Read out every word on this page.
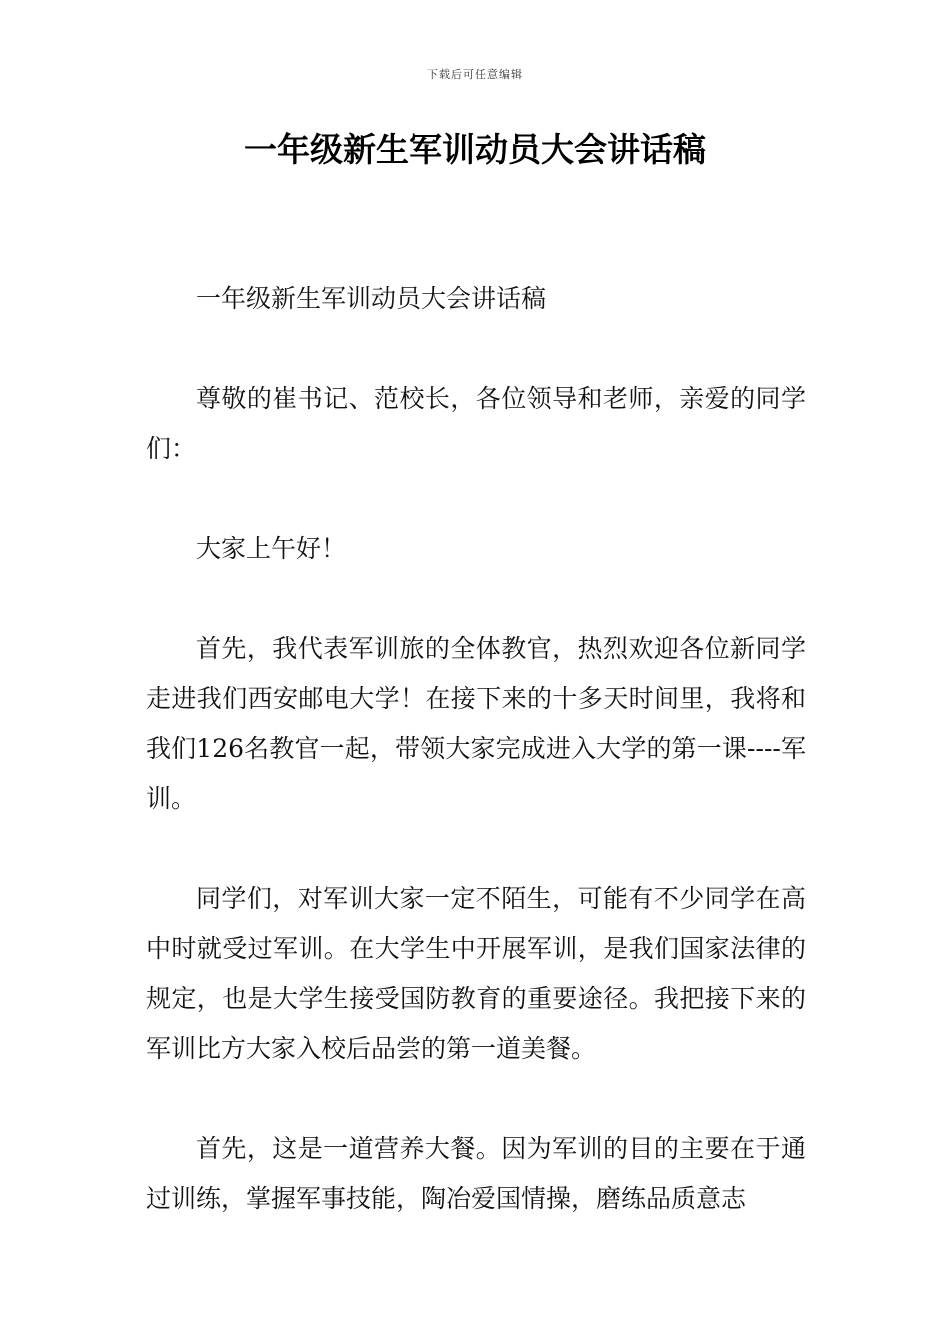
下载后可任意编辑
一年级新生军训动员大会讲话稿

一年级新生军训动员大会讲话稿

尊敬的崔书记、范校长，各位领导和老师，亲爱的同学们：

大家上午好！

首先，我代表军训旅的全体教官，热烈欢迎各位新同学走进我们西安邮电大学！在接下来的十多天时间里，我将和我们126名教官一起，带领大家完成进入大学的第一课----军训。

同学们，对军训大家一定不陌生，可能有不少同学在高中时就受过军训。在大学生中开展军训，是我们国家法律的规定，也是大学生接受国防教育的重要途径。我把接下来的军训比方大家入校后品尝的第一道美餐。

首先，这是一道营养大餐。因为军训的目的主要在于通过训练，掌握军事技能，陶冶爱国情操，磨练品质意志
